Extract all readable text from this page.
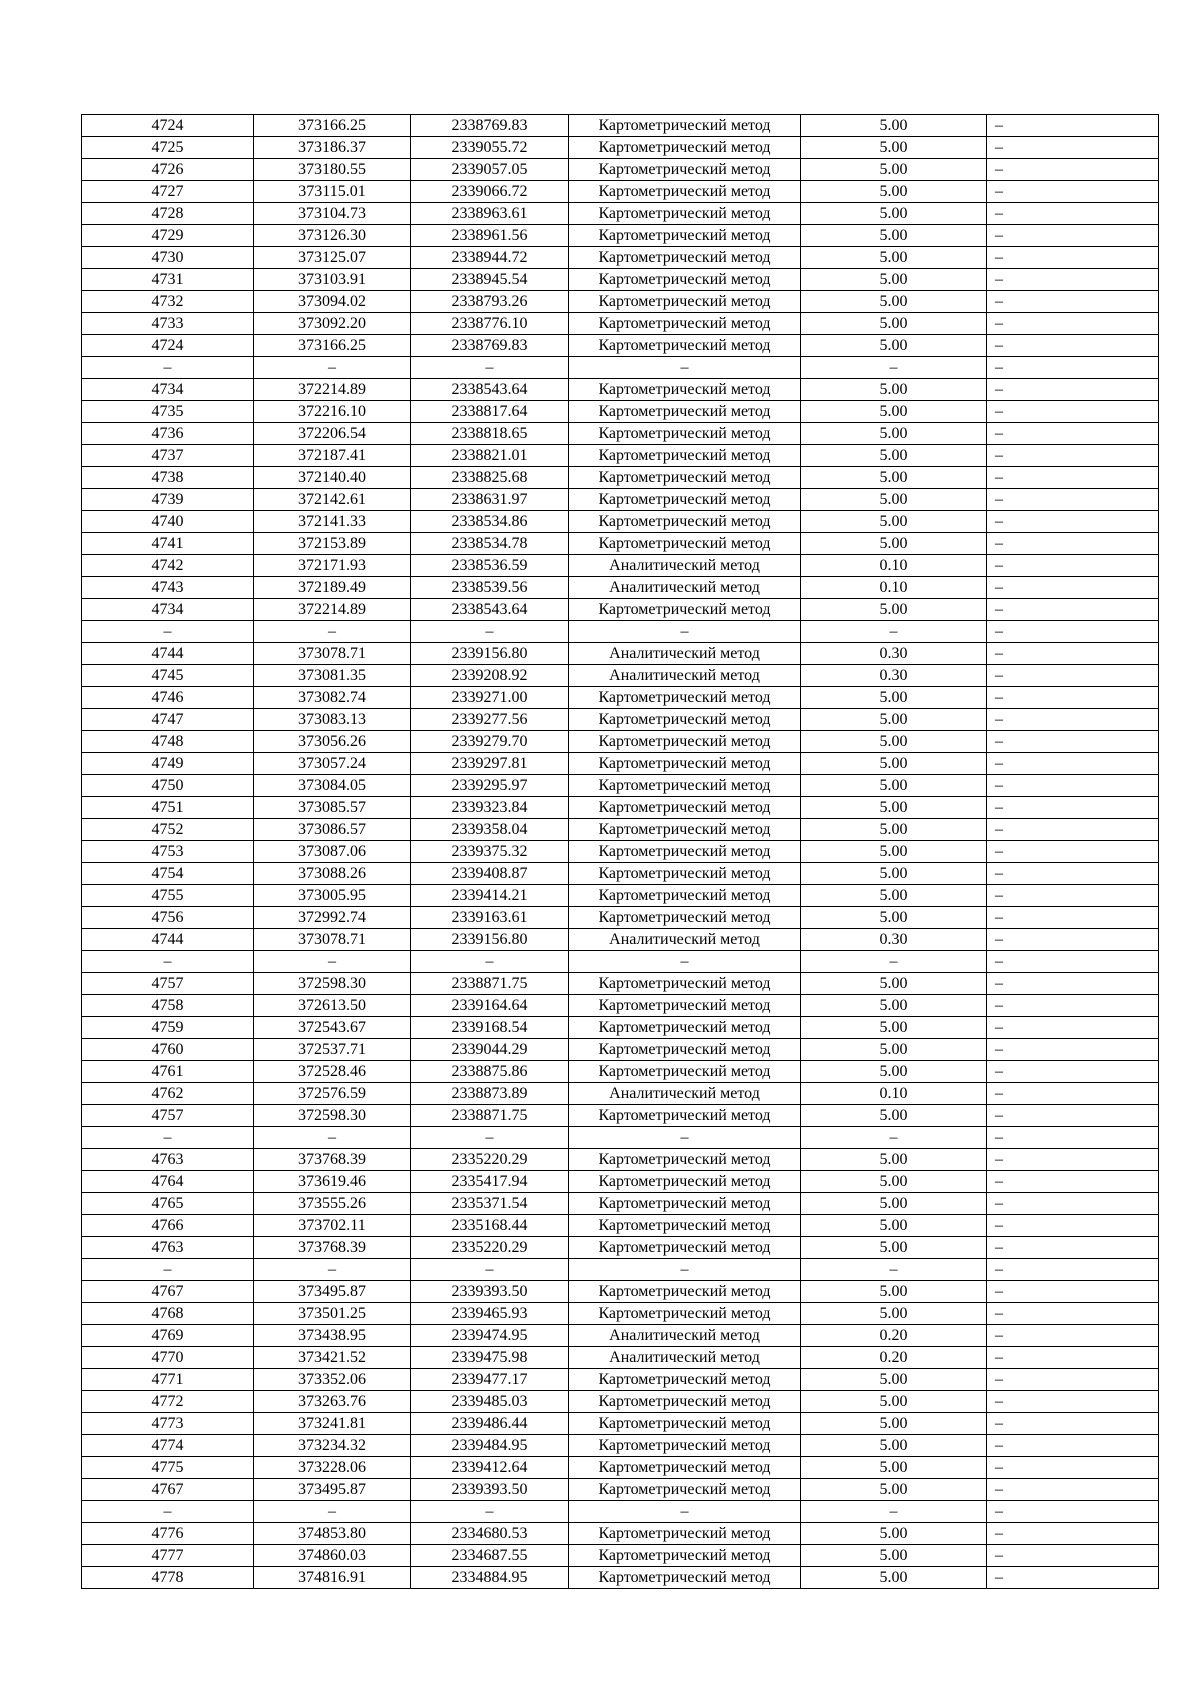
4724	373166.25	2338769.83	Картометрический метод	5.00	–
4725	373186.37	2339055.72	Картометрический метод	5.00	–
4726	373180.55	2339057.05	Картометрический метод	5.00	–
4727	373115.01	2339066.72	Картометрический метод	5.00	–
4728	373104.73	2338963.61	Картометрический метод	5.00	–
4729	373126.30	2338961.56	Картометрический метод	5.00	–
4730	373125.07	2338944.72	Картометрический метод	5.00	–
4731	373103.91	2338945.54	Картометрический метод	5.00	–
4732	373094.02	2338793.26	Картометрический метод	5.00	–
4733	373092.20	2338776.10	Картометрический метод	5.00	–
4724	373166.25	2338769.83	Картометрический метод	5.00	–
–	–	–	–	–	–
4734	372214.89	2338543.64	Картометрический метод	5.00	–
4735	372216.10	2338817.64	Картометрический метод	5.00	–
4736	372206.54	2338818.65	Картометрический метод	5.00	–
4737	372187.41	2338821.01	Картометрический метод	5.00	–
4738	372140.40	2338825.68	Картометрический метод	5.00	–
4739	372142.61	2338631.97	Картометрический метод	5.00	–
4740	372141.33	2338534.86	Картометрический метод	5.00	–
4741	372153.89	2338534.78	Картометрический метод	5.00	–
4742	372171.93	2338536.59	Аналитический метод	0.10	–
4743	372189.49	2338539.56	Аналитический метод	0.10	–
4734	372214.89	2338543.64	Картометрический метод	5.00	–
–	–	–	–	–	–
4744	373078.71	2339156.80	Аналитический метод	0.30	–
4745	373081.35	2339208.92	Аналитический метод	0.30	–
4746	373082.74	2339271.00	Картометрический метод	5.00	–
4747	373083.13	2339277.56	Картометрический метод	5.00	–
4748	373056.26	2339279.70	Картометрический метод	5.00	–
4749	373057.24	2339297.81	Картометрический метод	5.00	–
4750	373084.05	2339295.97	Картометрический метод	5.00	–
4751	373085.57	2339323.84	Картометрический метод	5.00	–
4752	373086.57	2339358.04	Картометрический метод	5.00	–
4753	373087.06	2339375.32	Картометрический метод	5.00	–
4754	373088.26	2339408.87	Картометрический метод	5.00	–
4755	373005.95	2339414.21	Картометрический метод	5.00	–
4756	372992.74	2339163.61	Картометрический метод	5.00	–
4744	373078.71	2339156.80	Аналитический метод	0.30	–
–	–	–	–	–	–
4757	372598.30	2338871.75	Картометрический метод	5.00	–
4758	372613.50	2339164.64	Картометрический метод	5.00	–
4759	372543.67	2339168.54	Картометрический метод	5.00	–
4760	372537.71	2339044.29	Картометрический метод	5.00	–
4761	372528.46	2338875.86	Картометрический метод	5.00	–
4762	372576.59	2338873.89	Аналитический метод	0.10	–
4757	372598.30	2338871.75	Картометрический метод	5.00	–
–	–	–	–	–	–
4763	373768.39	2335220.29	Картометрический метод	5.00	–
4764	373619.46	2335417.94	Картометрический метод	5.00	–
4765	373555.26	2335371.54	Картометрический метод	5.00	–
4766	373702.11	2335168.44	Картометрический метод	5.00	–
4763	373768.39	2335220.29	Картометрический метод	5.00	–
–	–	–	–	–	–
4767	373495.87	2339393.50	Картометрический метод	5.00	–
4768	373501.25	2339465.93	Картометрический метод	5.00	–
4769	373438.95	2339474.95	Аналитический метод	0.20	–
4770	373421.52	2339475.98	Аналитический метод	0.20	–
4771	373352.06	2339477.17	Картометрический метод	5.00	–
4772	373263.76	2339485.03	Картометрический метод	5.00	–
4773	373241.81	2339486.44	Картометрический метод	5.00	–
4774	373234.32	2339484.95	Картометрический метод	5.00	–
4775	373228.06	2339412.64	Картометрический метод	5.00	–
4767	373495.87	2339393.50	Картометрический метод	5.00	–
–	–	–	–	–	–
4776	374853.80	2334680.53	Картометрический метод	5.00	–
4777	374860.03	2334687.55	Картометрический метод	5.00	–
4778	374816.91	2334884.95	Картометрический метод	5.00	–
